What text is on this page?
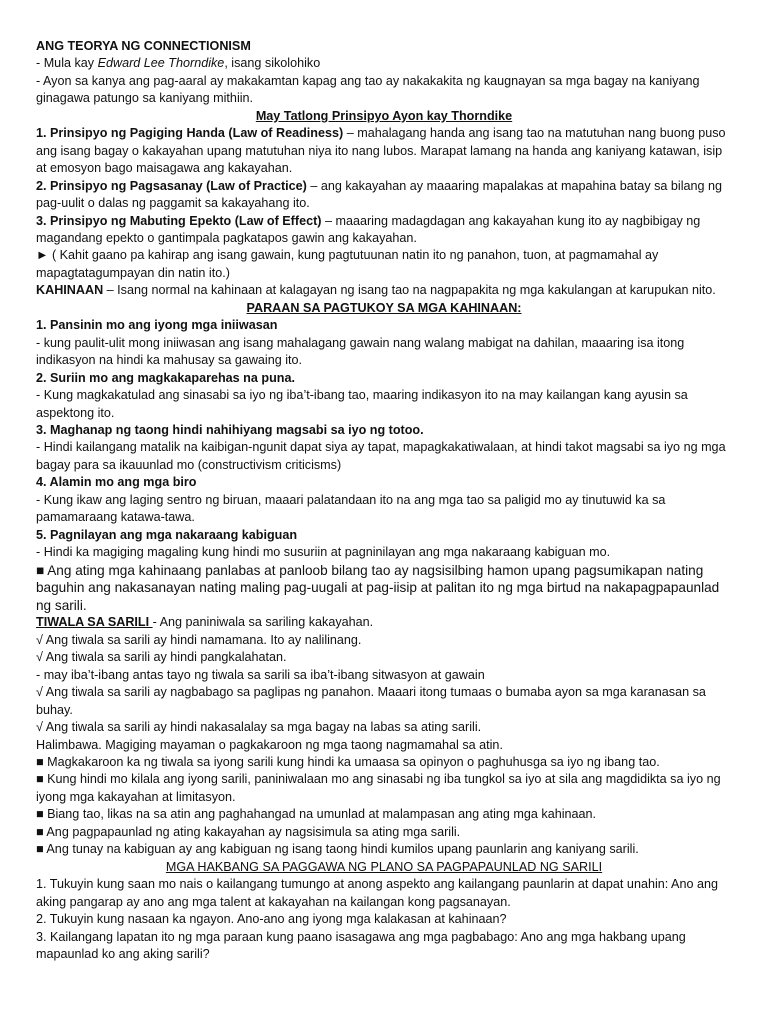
ANG TEORYA NG CONNECTIONISM

- Mula kay Edward Lee Thorndike, isang sikolohiko

- Ayon sa kanya ang pag-aaral ay makakamtan kapag ang tao ay nakakakita ng kaugnayan sa mga bagay na kaniyang ginagawa patungo sa kaniyang mithiin.

May Tatlong Prinsipyo Ayon kay Thorndike

1. Prinsipyo ng Pagiging Handa (Law of Readiness) – mahalagang handa ang isang tao na matutuhan nang buong puso ang isang bagay o kakayahan upang matutuhan niya ito nang lubos. Marapat lamang na handa ang kaniyang katawan, isip at emosyon bago maisagawa ang kakayahan.

2. Prinsipyo ng Pagsasanay (Law of Practice) – ang kakayahan ay maaaring mapalakas at mapahina batay sa bilang ng pag-uulit o dalas ng paggamit sa kakayahang ito.

3. Prinsipyo ng Mabuting Epekto (Law of Effect) – maaaring madagdagan ang kakayahan kung ito ay nagbibigay ng magandang epekto o gantimpala pagkatapos gawin ang kakayahan.

► ( Kahit gaano pa kahirap ang isang gawain, kung pagtutuunan natin ito ng panahon, tuon, at pagmamahal ay mapagtatagumpayan din natin ito.)

KAHINAAN – Isang normal na kahinaan at kalagayan ng isang tao na nagpapakita ng mga kakulangan at karupukan nito.

PARAAN SA PAGTUKOY SA MGA KAHINAAN:

1. Pansinin mo ang iyong mga iniiwasan

- kung paulit-ulit mong iniiwasan ang isang mahalagang gawain nang walang mabigat na dahilan, maaaring isa itong indikasyon na hindi ka mahusay sa gawaing ito.

2. Suriin mo ang magkakaparehas na puna.

- Kung magkakatulad ang sinasabi sa iyo ng iba’t-ibang tao, maaring indikasyon ito na may kailangan kang ayusin sa aspektong ito.

3. Maghanap ng taong hindi nahihiyang magsabi sa iyo ng totoo.

- Hindi kailangang matalik na kaibigan-ngunit dapat siya ay tapat, mapagkakatiwalaan, at hindi takot magsabi sa iyo ng mga bagay para sa ikauunlad mo (constructivism criticisms)

4. Alamin mo ang mga biro

- Kung ikaw ang laging sentro ng biruan, maaari palatandaan ito na ang mga tao sa paligid mo ay tinutuwid ka sa pamamaraang katawa-tawa.

5. Pagnilayan ang mga nakaraang kabiguan

- Hindi ka magiging magaling kung hindi mo susuriin at pagninilayan ang mga nakaraang kabiguan mo.

■ Ang ating mga kahinaang panlabas at panloob bilang tao ay nagsisilbing hamon upang pagsumikapan nating baguhin ang nakasanayan nating maling pag-uugali at pag-iisip at palitan ito ng mga birtud na nakapagpapaunlad ng sarili.

TIWALA SA SARILI - Ang paniniwala sa sariling kakayahan.

√ Ang tiwala sa sarili ay hindi namamana. Ito ay nalilinang.

√ Ang tiwala sa sarili ay hindi pangkalahatan.

- may iba’t-ibang antas tayo ng tiwala sa sarili sa iba’t-ibang sitwasyon at gawain

√ Ang tiwala sa sarili ay nagbabago sa paglipas ng panahon. Maaari itong tumaas o bumaba ayon sa mga karanasan sa buhay.

√ Ang tiwala sa sarili ay hindi nakasalalay sa mga bagay na labas sa ating sarili.

Halimbawa. Magiging mayaman o pagkakaroon ng mga taong nagmamahal sa atin.

■ Magkakaroon ka ng tiwala sa iyong sarili kung hindi ka umaasa sa opinyon o paghuhusga sa iyo ng ibang tao.

■ Kung hindi mo kilala ang iyong sarili, paniniwalaan mo ang sinasabi ng iba tungkol sa iyo at sila ang magdidikta sa iyo ng iyong mga kakayahan at limitasyon.

■ Biang tao, likas na sa atin ang paghahangad na umunlad at malampasan ang ating mga kahinaan.

■ Ang pagpapaunlad ng ating kakayahan ay nagsisimula sa ating mga sarili.

■ Ang tunay na kabiguan ay ang kabiguan ng isang taong hindi kumilos upang paunlarin ang kaniyang sarili.

MGA HAKBANG SA PAGGAWA NG PLANO SA PAGPAPAUNLAD NG SARILI

1. Tukuyin kung saan mo nais o kailangang tumungo at anong aspekto ang kailangang paunlarin at dapat unahin: Ano ang aking pangarap ay ano ang mga talent at kakayahan na kailangan kong pagsanayan.

2. Tukuyin kung nasaan ka ngayon. Ano-ano ang iyong mga kalakasan at kahinaan?

3. Kailangang lapatan ito ng mga paraan kung paano isasagawa ang mga pagbabago: Ano ang mga hakbang upang mapaunlad ko ang aking sarili?
